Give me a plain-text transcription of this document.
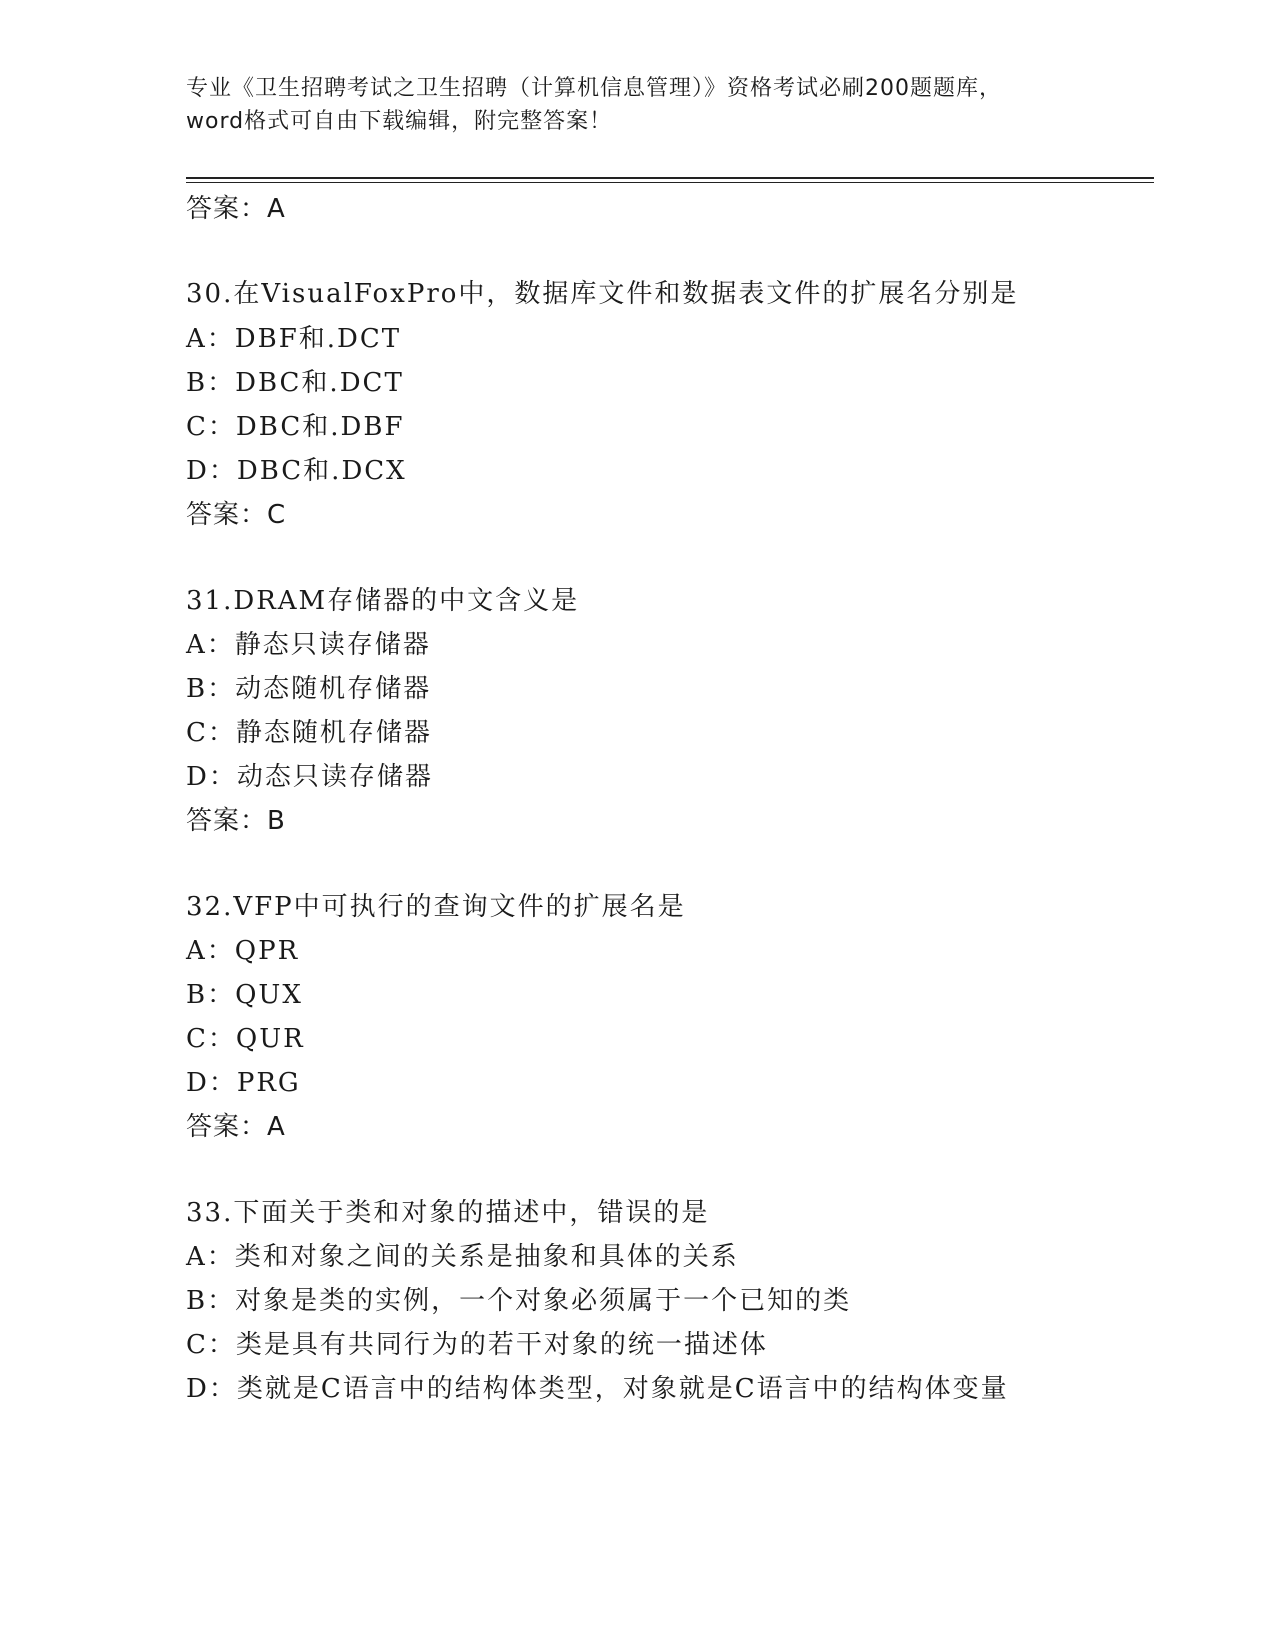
专业《卫生招聘考试之卫生招聘（计算机信息管理）》资格考试必刷200题题库，
word格式可自由下载编辑，附完整答案！
答案：A
30.在VisualFoxPro中，数据库文件和数据表文件的扩展名分别是
A：DBF和.DCT
B：DBC和.DCT
C：DBC和.DBF
D：DBC和.DCX
答案：C
31.DRAM存储器的中文含义是
A：静态只读存储器
B：动态随机存储器
C：静态随机存储器
D：动态只读存储器
答案：B
32.VFP中可执行的查询文件的扩展名是
A：QPR
B：QUX
C：QUR
D：PRG
答案：A
33.下面关于类和对象的描述中，错误的是
A：类和对象之间的关系是抽象和具体的关系
B：对象是类的实例，一个对象必须属于一个已知的类
C：类是具有共同行为的若干对象的统一描述体
D：类就是C语言中的结构体类型，对象就是C语言中的结构体变量
